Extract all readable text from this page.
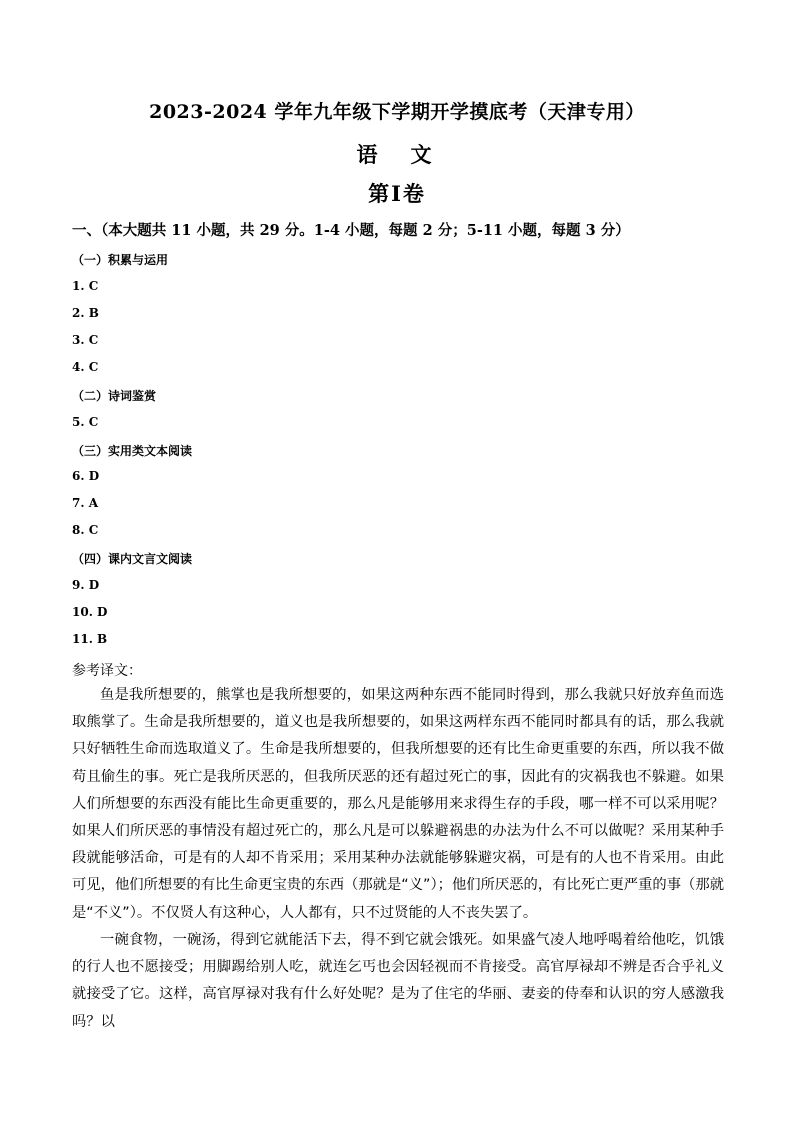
2023-2024 学年九年级下学期开学摸底考（天津专用）
语　文
第Ⅰ卷
一、（本大题共 11 小题，共 29 分。1-4 小题，每题 2 分；5-11 小题，每题 3 分）
（一）积累与运用
1. C
2. B
3. C
4. C
（二）诗词鉴赏
5. C
（三）实用类文本阅读
6. D
7. A
8. C
（四）课内文言文阅读
9. D
10. D
11. B
参考译文：

鱼是我所想要的，熊掌也是我所想要的，如果这两种东西不能同时得到，那么我就只好放弃鱼而选取熊掌了。生命是我所想要的，道义也是我所想要的，如果这两样东西不能同时都具有的话，那么我就只好牺牲生命而选取道义了。生命是我所想要的，但我所想要的还有比生命更重要的东西，所以我不做苟且偷生的事。死亡是我所厌恶的，但我所厌恶的还有超过死亡的事，因此有的灾祸我也不躲避。如果人们所想要的东西没有能比生命更重要的，那么凡是能够用来求得生存的手段，哪一样不可以采用呢？如果人们所厌恶的事情没有超过死亡的，那么凡是可以躲避祸患的办法为什么不可以做呢？采用某种手段就能够活命，可是有的人却不肯采用；采用某种办法就能够躲避灾祸，可是有的人也不肯采用。由此可见，他们所想要的有比生命更宝贵的东西（那就是“义”）；他们所厌恶的，有比死亡更严重的事（那就是“不义”）。不仅贤人有这种心，人人都有，只不过贤能的人不丧失罢了。

一碗食物，一碗汤，得到它就能活下去，得不到它就会饿死。如果盛气凌人地呼喝着给他吃，饥饿的行人也不愿接受；用脚踢给别人吃，就连乞丐也会因轻视而不肯接受。高官厚禄却不辨是否合乎礼义就接受了它。这样，高官厚禄对我有什么好处呢？是为了住宅的华丽、妻妾的侍奉和认识的穷人感激我吗？以
